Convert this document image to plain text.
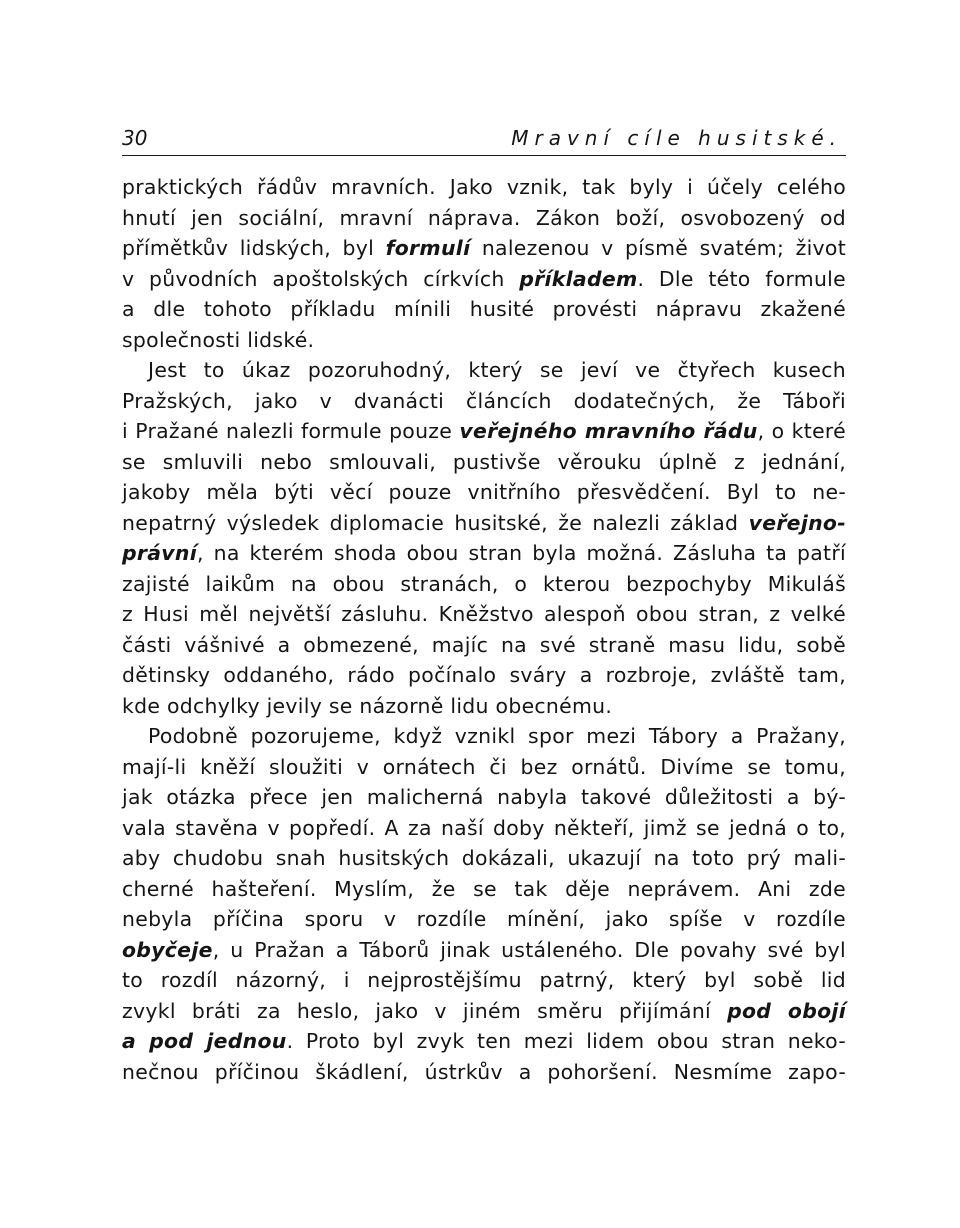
30	Mravní cíle husitské.
praktických řádův mravních. Jako vznik, tak byly i účely celého
hnutí jen sociální, mravní náprava. Zákon boží, osvobozený od
přímětkův lidských, byl formulí nalezenou v písmě svatém; život
v původních apoštolských církvích příkladem. Dle této formule
a dle tohoto příkladu mínili husité provésti nápravu zkažené
společnosti lidské.
Jest to úkaz pozoruhodný, který se jeví ve čtyřech kusech
Pražských, jako v dvanácti článcích dodatečných, že Táboři
i Pražané nalezli formule pouze veřejného mravního řádu, o které
se smluvili nebo smlouvali, pustivše věrouku úplně z jednání,
jakoby měla býti věcí pouze vnitřního přesvědčení. Byl to ne-
nepatrný výsledek diplomacie husitské, že nalezli základ veřejno-
právní, na kterém shoda obou stran byla možná. Zásluha ta patří
zajisté laikům na obou stranách, o kterou bezpochyby Mikuláš
z Husi měl největší zásluhu. Kněžstvo alespoň obou stran, z velké
části vášnivé a obmezené, majíc na své straně masu lidu, sobě
dětinsky oddaného, rádo počínalo sváry a rozbroje, zvláště tam,
kde odchylky jevily se názorně lidu obecnému.
Podobně pozorujeme, když vznikl spor mezi Tábory a Pražany,
mají-li kněží sloužiti v ornátech či bez ornátů. Divíme se tomu,
jak otázka přece jen malicherná nabyla takové důležitosti a bý-
vala stavěna v popředí. A za naší doby někteří, jimž se jedná o to,
aby chudobu snah husitských dokázali, ukazují na toto prý mali-
cherné hašteření. Myslím, že se tak děje neprávem. Ani zde
nebyla příčina sporu v rozdíle mínění, jako spíše v rozdíle
obyčeje, u Pražan a Táborů jinak ustáleného. Dle povahy své byl
to rozdíl názorný, i nejprostějšímu patrný, který byl sobě lid
zvykl bráti za heslo, jako v jiném směru přijímání pod obojí
a pod jednou. Proto byl zvyk ten mezi lidem obou stran neko-
nečnou příčinou škádlení, ústrkův a pohoršení. Nesmíme zapo-
